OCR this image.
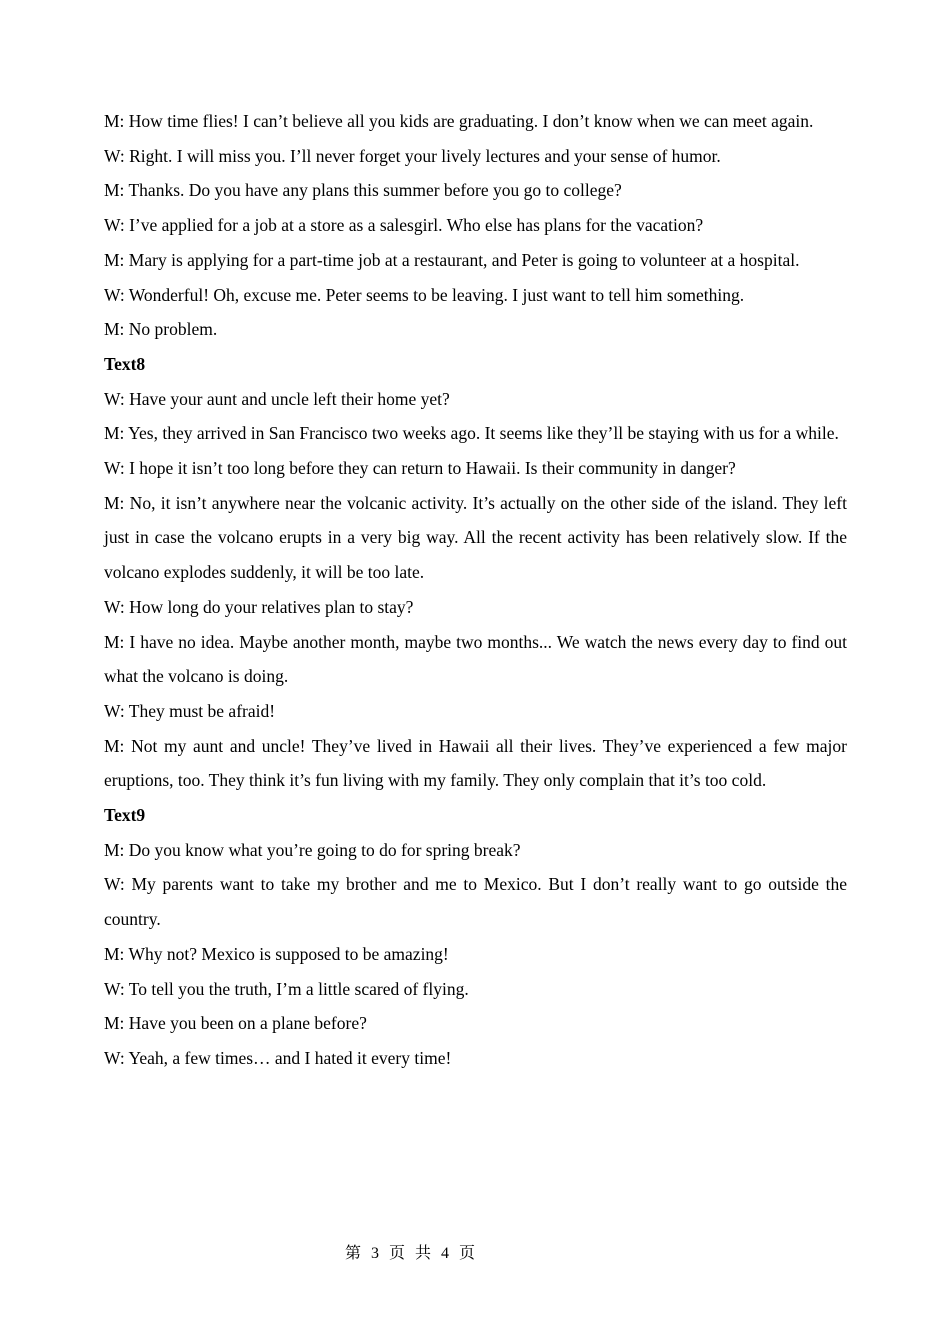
M: How time flies! I can’t believe all you kids are graduating. I don’t know when we can meet again.

W: Right. I will miss you. I’ll never forget your lively lectures and your sense of humor.

M: Thanks. Do you have any plans this summer before you go to college?

W: I’ve applied for a job at a store as a salesgirl. Who else has plans for the vacation?

M: Mary is applying for a part-time job at a restaurant, and Peter is going to volunteer at a hospital.

W: Wonderful! Oh, excuse me. Peter seems to be leaving. I just want to tell him something.

M: No problem.

Text8

W: Have your aunt and uncle left their home yet?

M: Yes, they arrived in San Francisco two weeks ago. It seems like they’ll be staying with us for a while.

W: I hope it isn’t too long before they can return to Hawaii. Is their community in danger?

M: No, it isn’t anywhere near the volcanic activity. It’s actually on the other side of the island. They left just in case the volcano erupts in a very big way. All the recent activity has been relatively slow. If the volcano explodes suddenly, it will be too late.

W: How long do your relatives plan to stay?

M: I have no idea. Maybe another month, maybe two months... We watch the news every day to find out what the volcano is doing.

W: They must be afraid!

M: Not my aunt and uncle! They’ve lived in Hawaii all their lives. They’ve experienced a few major eruptions, too. They think it’s fun living with my family. They only complain that it’s too cold.

Text9

M: Do you know what you’re going to do for spring break?

W: My parents want to take my brother and me to Mexico. But I don’t really want to go outside the country.

M: Why not? Mexico is supposed to be amazing!

W: To tell you the truth, I’m a little scared of flying.

M: Have you been on a plane before?

W: Yeah, a few times… and I hated it every time!

第 3 页 共 4 页
